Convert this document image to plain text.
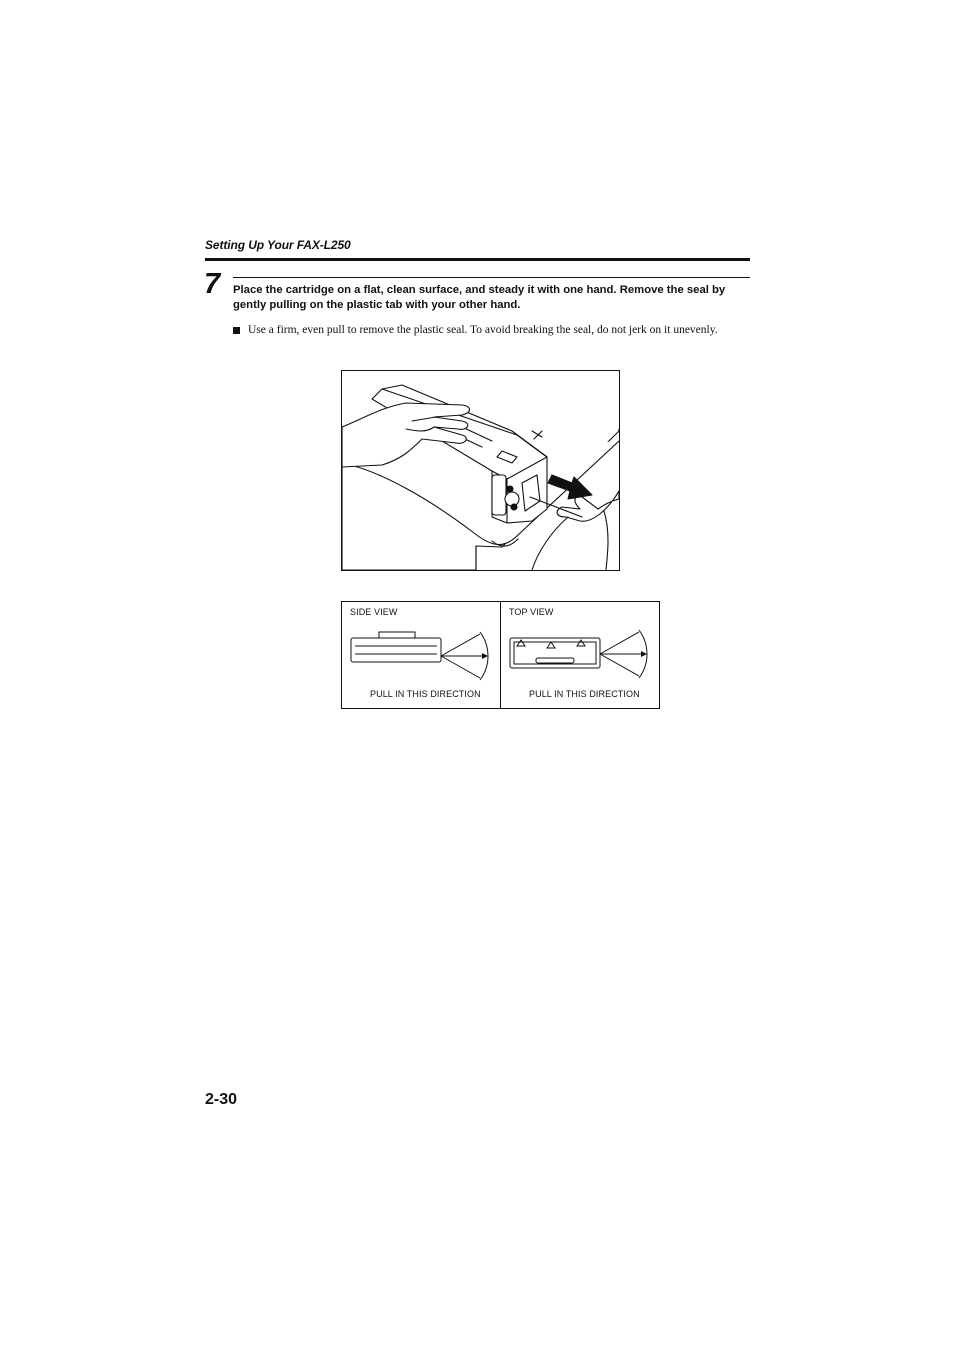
Setting Up Your FAX-L250
7 Place the cartridge on a flat, clean surface, and steady it with one hand. Remove the seal by gently pulling on the plastic tab with your other hand.
Use a firm, even pull to remove the plastic seal. To avoid breaking the seal, do not jerk on it unevenly.
SIDE VIEW	TOP VIEW
PULL IN THIS DIRECTION	PULL IN THIS DIRECTION
2-30
